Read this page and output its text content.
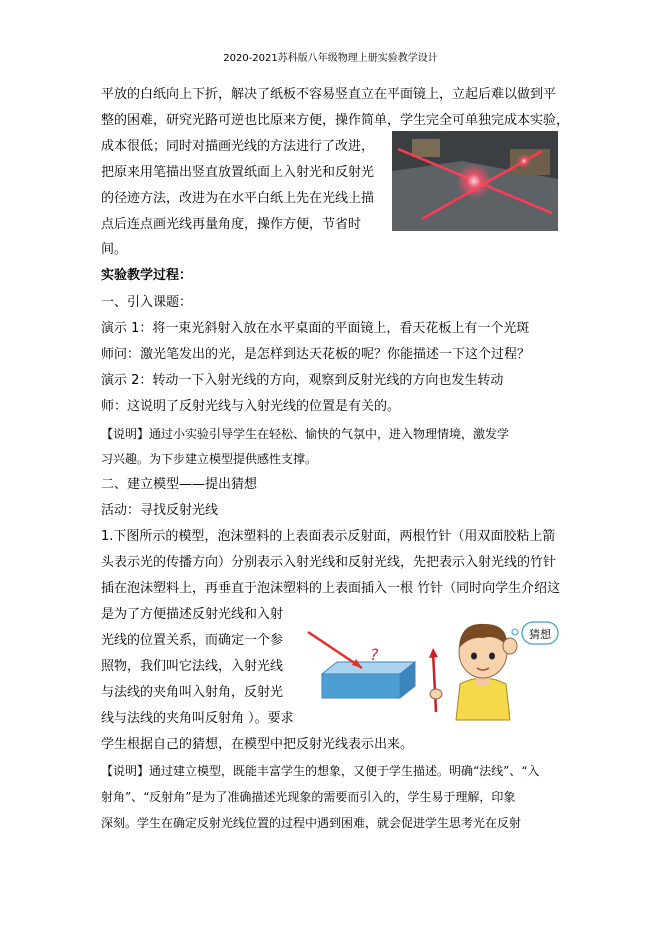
2020-2021苏科版八年级物理上册实验教学设计
平放的白纸向上下折，解决了纸板不容易竖直立在平面镜上，立起后难以做到平
整的困难，研究光路可逆也比原来方便，操作简单，学生完全可单独完成本实验，
成本很低；同时对描画光线的方法进行了改进，
把原来用笔描出竖直放置纸面上入射光和反射光
的径迹方法，改进为在水平白纸上先在光线上描
点后连点画光线再量角度，操作方便，节省时
间。
实验教学过程：
一、引入课题：
演示 1：将一束光斜射入放在水平桌面的平面镜上，看天花板上有一个光斑
师问：激光笔发出的光，是怎样到达天花板的呢？你能描述一下这个过程？
演示 2：转动一下入射光线的方向，观察到反射光线的方向也发生转动
师：这说明了反射光线与入射光线的位置是有关的。
【说明】通过小实验引导学生在轻松、愉快的气氛中，进入物理情境，激发学
习兴趣。为下步建立模型提供感性支撑。
二、建立模型——提出猜想
活动：寻找反射光线
1.下图所示的模型，泡沫塑料的上表面表示反射面，两根竹针（用双面胶粘上箭
头表示光的传播方向）分别表示入射光线和反射光线，先把表示入射光线的竹针
插在泡沫塑料上，再垂直于泡沫塑料的上表面插入一根 竹针（同时向学生介绍这
是为了方便描述反射光线和入射
光线的位置关系，而确定一个参
照物，我们叫它法线，入射光线
与法线的夹角叫入射角，反射光
线与法线的夹角叫反射角 ）。要求
学生根据自己的猜想，在模型中把反射光线表示出来。
?
猜想
【说明】通过建立模型，既能丰富学生的想象，又便于学生描述。明确“法线”、“入
射角”、“反射角”是为了准确描述光现象的需要而引入的，学生易于理解，印象
深刻。学生在确定反射光线位置的过程中遇到困难，就会促进学生思考光在反射
